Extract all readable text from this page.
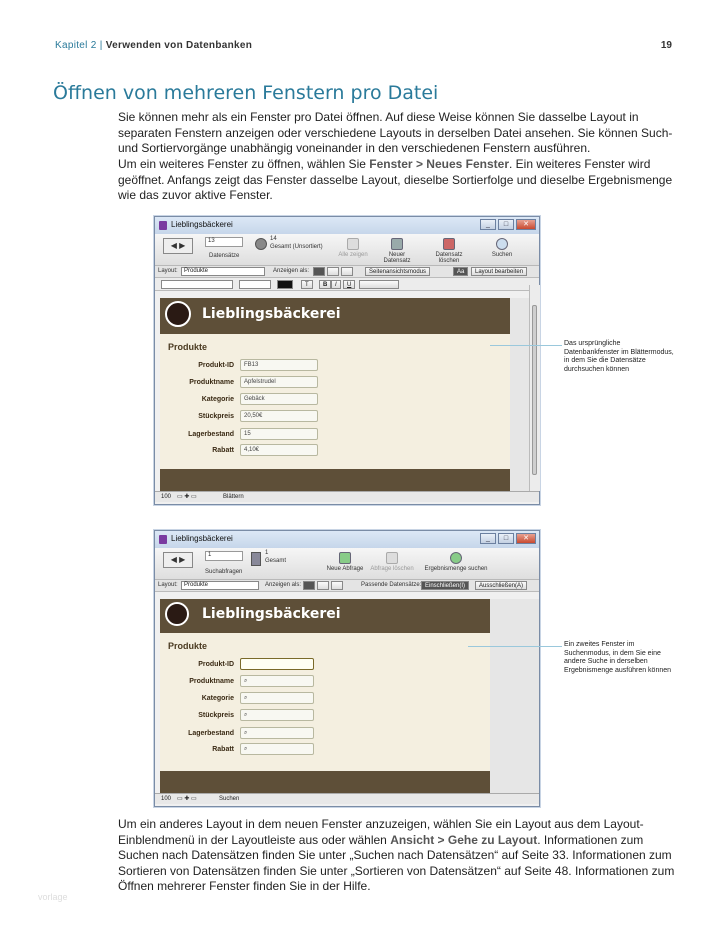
Kapitel 2 | Verwenden von Datenbanken	19
Öffnen von mehreren Fenstern pro Datei

Sie können mehr als ein Fenster pro Datei öffnen. Auf diese Weise können Sie dasselbe Layout in separaten Fenstern anzeigen oder verschiedene Layouts in derselben Datei ansehen. Sie können Such- und Sortiervorgänge unabhängig voneinander in den verschiedenen Fenstern ausführen.

Um ein weiteres Fenster zu öffnen, wählen Sie Fenster > Neues Fenster. Ein weiteres Fenster wird geöffnet. Anfangs zeigt das Fenster dasselbe Layout, dieselbe Sortierfolge und dieselbe Ergebnismenge wie das zuvor aktive Fenster.

Lieblingsbäckerei	_	□	✕
◀ ▶	13
Datensätze
14
Gesamt (Unsortiert)
Alle zeigen	Neuer Datensatz
Datensatz löschen
Suchen
Layout:	Produkte	Anzeigen als:	Seitenansichtsmodus	Aa	Layout bearbeiten
T	B	I	U
Lieblingsbäckerei
Produkte
Produkt-ID	FB13
Produktname	Apfelstrudel
Kategorie	Gebäck
Stückpreis	20,50€
Lagerbestand	15
Rabatt	4,10€
100 ▭ ✚ ▭	Blättern
Das ursprüngliche Datenbankfenster im Blättermodus, in dem Sie die Datensätze durchsuchen können
Lieblingsbäckerei	_	□	✕
◀ ▶	1
Suchabfragen
1
Gesamt
Neue Abfrage	Abfrage löschen	Ergebnismenge suchen
Layout:	Produkte	Anzeigen als:	Passende Datensätze: Einschließen(I)	Ausschließen(A)
Lieblingsbäckerei
Produkte
Produkt-ID
Produktname	⌕
Kategorie	⌕
Stückpreis	⌕
Lagerbestand	⌕
Rabatt	⌕
100 ▭ ✚ ▭	Suchen
Ein zweites Fenster im Suchenmodus, in dem Sie eine andere Suche in derselben Ergebnismenge ausführen können

Um ein anderes Layout in dem neuen Fenster anzuzeigen, wählen Sie ein Layout aus dem Layout-Einblendmenü in der Layoutleiste aus oder wählen Ansicht > Gehe zu Layout. Informationen zum Suchen nach Datensätzen finden Sie unter „Suchen nach Datensätzen“ auf Seite 33. Informationen zum Sortieren von Datensätzen finden Sie unter „Sortieren von Datensätzen“ auf Seite 48. Informationen zum Öffnen mehrerer Fenster finden Sie in der Hilfe.

vorlage
